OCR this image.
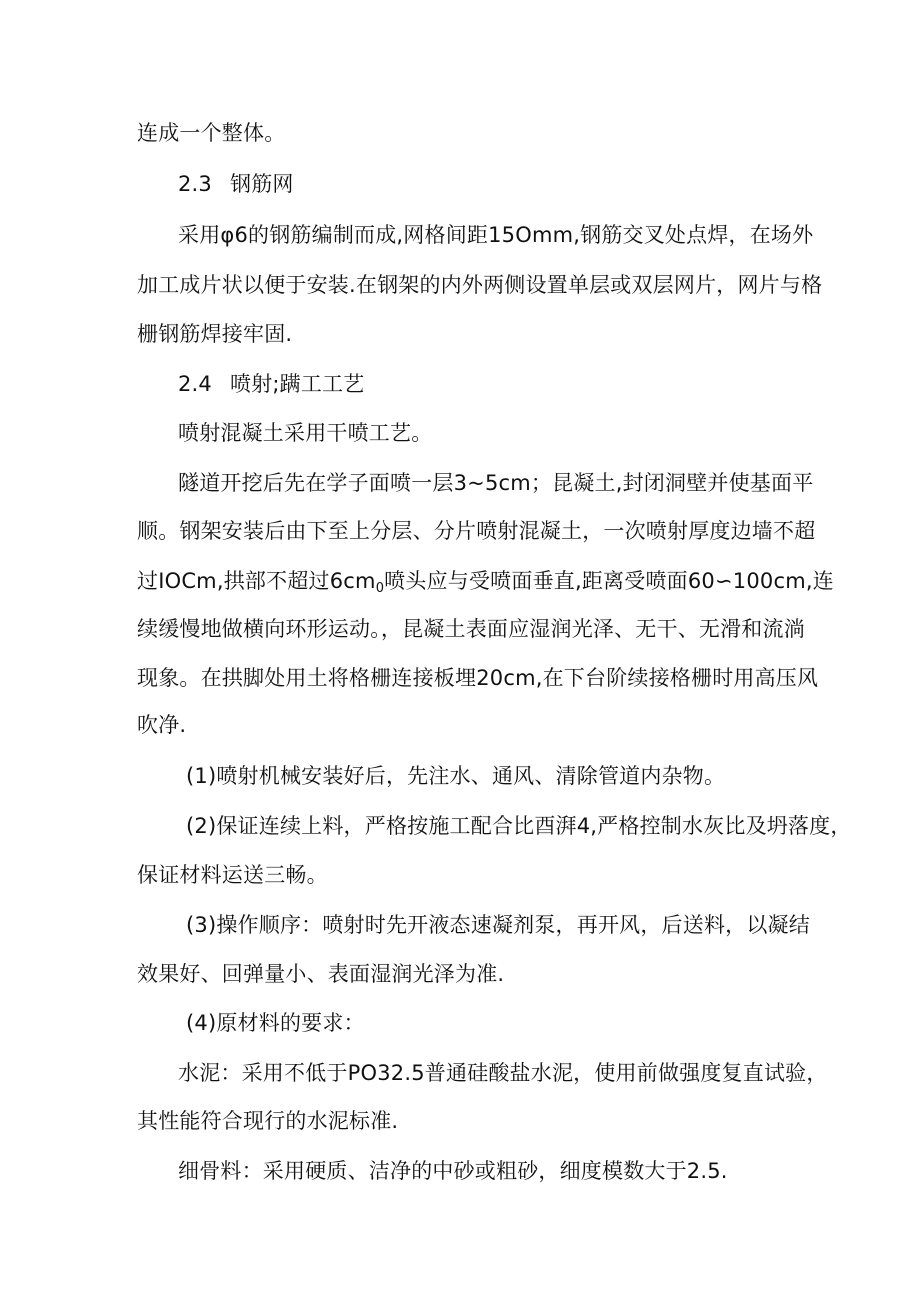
连成一个整体。
2.3 钢筋网
采用φ6的钢筋编制而成,网格间距15Omm,钢筋交叉处点焊，在场外
加工成片状以便于安装.在钢架的内外两侧设置单层或双层网片，网片与格
栅钢筋焊接牢固.
2.4 喷射;蹒工工艺
喷射混凝土采用干喷工艺。
隧道开挖后先在学子面喷一层3~5cm；昆凝土,封闭洞壁并使基面平
顺。钢架安装后由下至上分层、分片喷射混凝土，一次喷射厚度边墙不超
过IOCm,拱部不超过$6cm_0$喷头应与受喷面垂直,距离受喷面60∽100cm,连
续缓慢地做横向环形运动。，昆凝土表面应湿润光泽、无干、无滑和流淌
现象。在拱脚处用土将格栅连接板埋20cm,在下台阶续接格栅时用高压风
吹净.
(1)喷射机械安装好后，先注水、通风、清除管道内杂物。
(2)保证连续上料，严格按施工配合比酉湃4,严格控制水灰比及坍落度，
保证材料运送三畅。
(3)操作顺序：喷射时先开液态速凝剂泵，再开风，后送料，以凝结
效果好、回弹量小、表面湿润光泽为准.
(4)原材料的要求：
水泥：采用不低于PO32.5普通硅酸盐水泥，使用前做强度复直试验，
其性能符合现行的水泥标准.
细骨料：采用硬质、洁净的中砂或粗砂，细度模数大于2.5.
